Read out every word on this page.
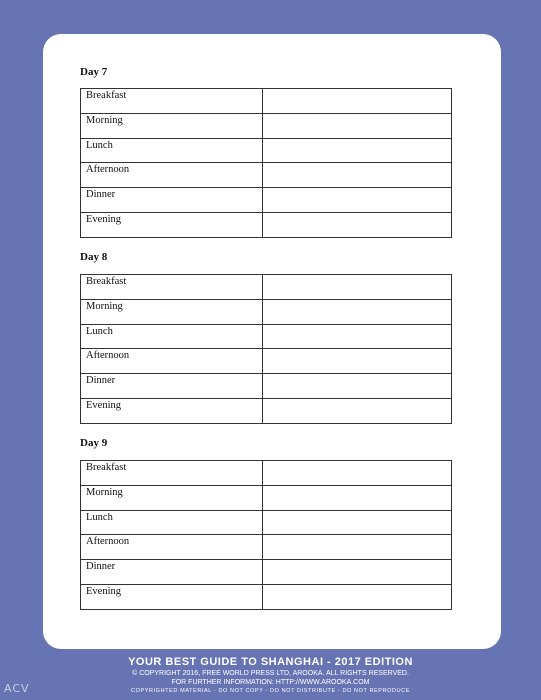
Day 7
Breakfast	
Morning	
Lunch	
Afternoon	
Dinner	
Evening	
Day 8
Breakfast	
Morning	
Lunch	
Afternoon	
Dinner	
Evening	
Day 9
Breakfast	
Morning	
Lunch	
Afternoon	
Dinner	
Evening	
YOUR BEST GUIDE TO SHANGHAI - 2017 EDITION
© COPYRIGHT 2016, FREE WORLD PRESS LTD, AROOKA. ALL RIGHTS RESERVED.
FOR FURTHER INFORMATION: HTTP://WWW.AROOKA.COM
COPYRIGHTED MATERIAL - DO NOT COPY - DO NOT DISTRIBUTE - DO NOT REPRODUCE
ACV
